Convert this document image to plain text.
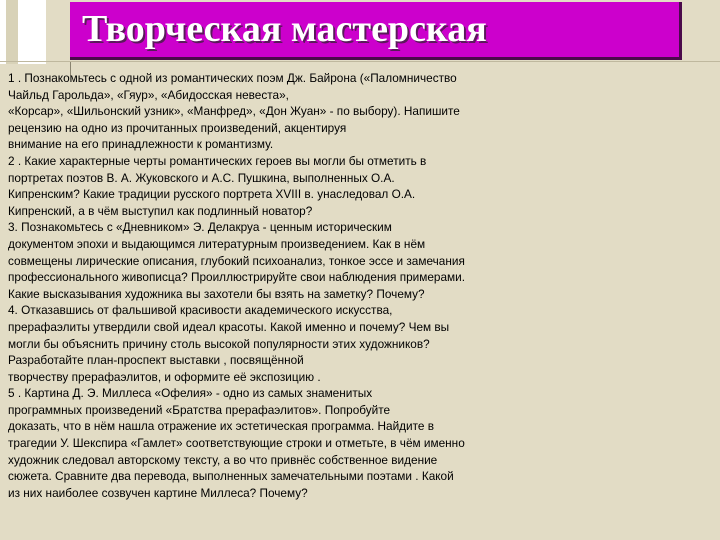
Творческая мастерская
1 . Познакомьтесь с одной из романтических поэм Дж. Байрона («Паломничество
Чайльд Гарольда», «Гяур», «Абидосская невеста»,
«Корсар», «Шильонский узник», «Манфред», «Дон Жуан» - по выбору). Напишите
рецензию на одно из прочитанных произведений, акцентируя
внимание на его принадлежности к романтизму.
2 . Какие характерные черты романтических героев вы могли бы отметить в
портретах поэтов В. А. Жуковского и А.С. Пушкина, выполненных О.А.
Кипренским? Какие традиции русского портрета XVIII в. унаследовал О.А.
Кипренский, а в чём выступил как подлинный новатор?
3. Познакомьтесь с «Дневником» Э. Делакруа - ценным историческим
документом эпохи и выдающимся литературным произведением. Как в нём
совмещены лирические описания, глубокий психоанализ, тонкое эссе и замечания
профессионального живописца? Проиллюстрируйте свои наблюдения примерами.
Какие высказывания художника вы захотели бы взять на заметку? Почему?
4. Отказавшись от фальшивой красивости академического искусства,
прерафаэлиты утвердили свой идеал красоты. Какой именно и почему? Чем вы
могли бы объяснить причину столь высокой популярности этих художников?
Разработайте план-проспект выставки , посвящённой
творчеству прерафаэлитов, и оформите её экспозицию .
5 . Картина Д. Э. Миллеса «Офелия» - одно из самых знаменитых
программных произведений «Братства прерафаэлитов». Попробуйте
доказать, что в нём нашла отражение их эстетическая программа. Найдите в
трагедии У. Шекспира «Гамлет» соответствующие строки и отметьте, в чём именно
художник следовал авторскому тексту, а во что привнёс собственное видение
сюжета. Сравните два перевода, выполненных замечательными поэтами . Какой
из них наиболее созвучен картине Миллеса? Почему?
